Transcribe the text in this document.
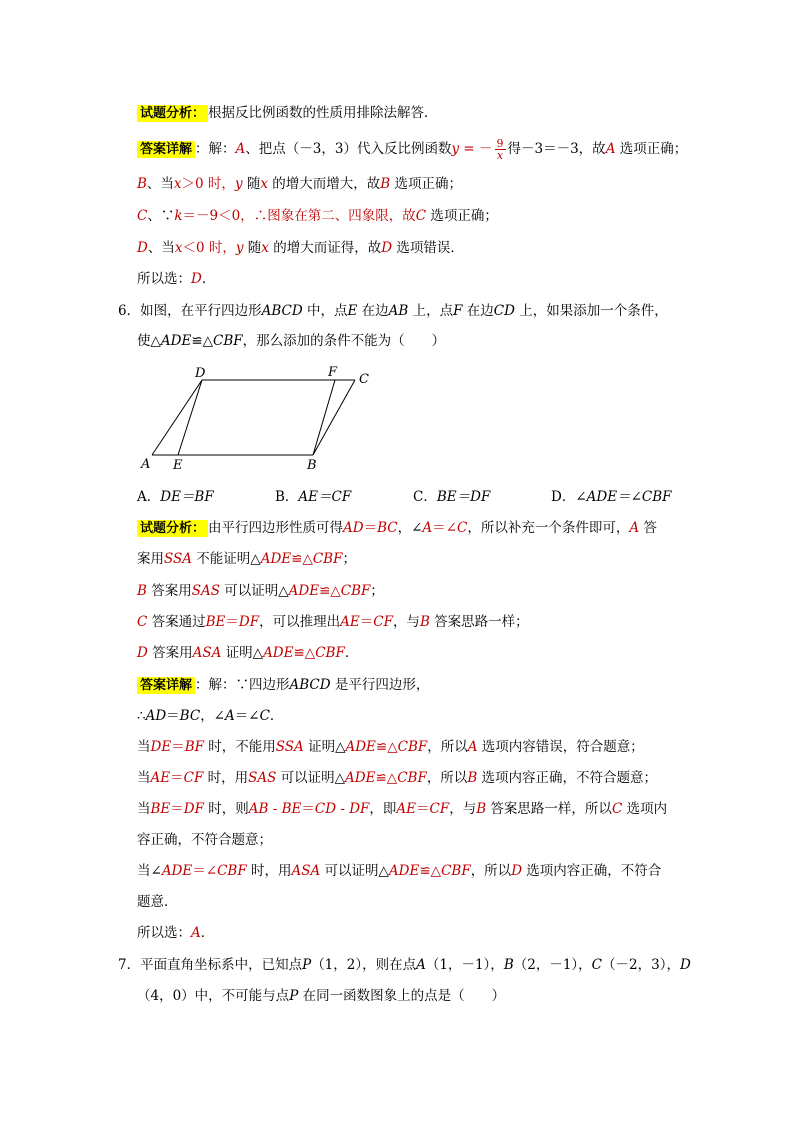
试题分析： 根据反比例函数的性质用排除法解答．
答案详解 ：解：A、把点（－3，3）代入反比例函数y = － $\frac{9}{x}$ 得－3＝－3，故A 选项正确；
B、当x＞0 时，y 随x 的增大而增大，故B 选项正确；
C、∵k＝－9＜0，∴图象在第二、四象限，故C 选项正确；
D、当x＜0 时，y 随x 的增大而证得，故D 选项错误．
所以选：D．
6．如图，在平行四边形ABCD 中，点E 在边AB 上，点F 在边CD 上，如果添加一个条件，
使△ADE≌△CBF，那么添加的条件不能为（　　）
A E	B
D	F C
A．DE＝BF	B．AE＝CF	C．BE＝DF	D．∠ADE＝∠CBF
试题分析： 由平行四边形性质可得AD＝BC，∠A＝∠C，所以补充一个条件即可，A 答
案用SSA 不能证明△ADE≌△CBF；
B 答案用SAS 可以证明△ADE≌△CBF；
C 答案通过BE＝DF，可以推理出AE＝CF，与B 答案思路一样；
D 答案用ASA 证明△ADE≌△CBF．
答案详解 ：解：∵四边形ABCD 是平行四边形，
∴AD＝BC，∠A＝∠C．
当DE＝BF 时，不能用SSA 证明△ADE≌△CBF，所以A 选项内容错误，符合题意；
当AE＝CF 时，用SAS 可以证明△ADE≌△CBF，所以B 选项内容正确，不符合题意；
当BE＝DF 时，则AB - BE＝CD - DF，即AE＝CF，与B 答案思路一样，所以C 选项内
容正确，不符合题意；
当∠ADE＝∠CBF 时，用ASA 可以证明△ADE≌△CBF，所以D 选项内容正确，不符合
题意．
所以选：A．
7．平面直角坐标系中，已知点P（1，2），则在点A（1，－1），B（2，－1），C（－2，3），D
（4，0）中，不可能与点P 在同一函数图象上的点是（　　）
